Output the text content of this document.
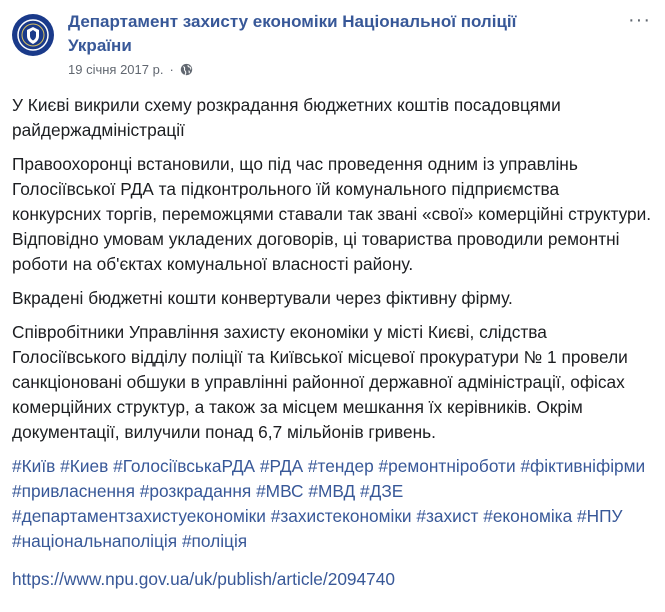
Департамент захисту економіки Національної поліції
України
19 січня 2017 р. ·
···

У Києві викрили схему розкрадання бюджетних коштів посадовцями райдержадміністрації

Правоохоронці встановили, що під час проведення одним із управлінь Голосіївської РДА та підконтрольного їй комунального підприємства конкурсних торгів, переможцями ставали так звані «свої» комерційні структури. Відповідно умовам укладених договорів, ці товариства проводили ремонтні роботи на об'єктах комунальної власності району.

Вкрадені бюджетні кошти конвертували через фіктивну фірму.

Співробітники Управління захисту економіки у місті Києві, слідства Голосіївського відділу поліції та Київської місцевої прокуратури № 1 провели санкціоновані обшуки в управлінні районної державної адміністрації, офісах комерційних структур, а також за місцем мешкання їх керівників. Окрім документації, вилучили понад 6,7 мільйонів гривень.

#Київ #Киев #ГолосіївськаРДА #РДА #тендер #ремонтніроботи #фіктивніфірми #привласнення #розкрадання #МВС #МВД #ДЗЕ #департаментзахистуекономіки #захистекономіки #захист #економіка #НПУ #національнаполіція #поліція

https://www.npu.gov.ua/uk/publish/article/2094740
